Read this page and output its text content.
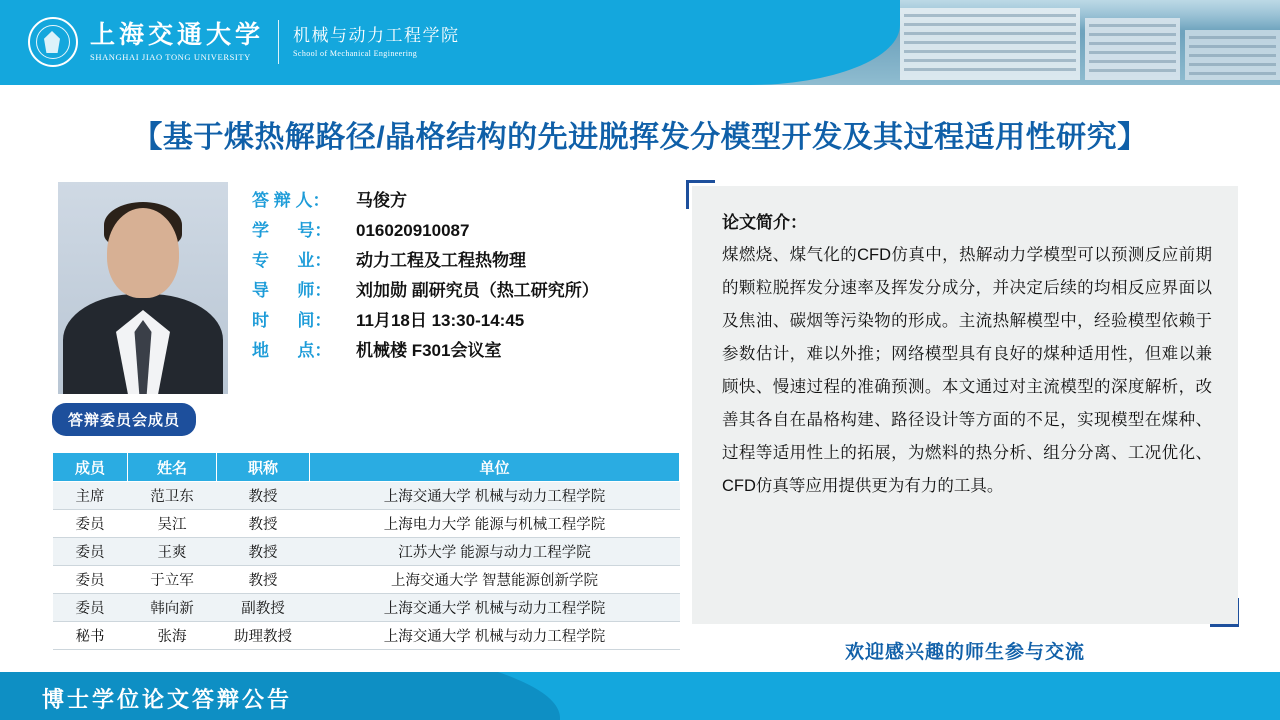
上海交通大学
SHANGHAI JIAO TONG UNIVERSITY
机械与动力工程学院
School of Mechanical Engineering
【基于煤热解路径/晶格结构的先进脱挥发分模型开发及其过程适用性研究】
答 辩 人：	马俊方
学      号：	016020910087
专      业：	动力工程及工程热物理
导      师：	刘加勋 副研究员（热工研究所）
时      间：	11月18日 13:30-14:45
地      点：	机械楼 F301会议室
答辩委员会成员
成员	姓名	职称	单位
主席	范卫东	教授	上海交通大学 机械与动力工程学院
委员	吴江	教授	上海电力大学 能源与机械工程学院
委员	王爽	教授	江苏大学 能源与动力工程学院
委员	于立军	教授	上海交通大学 智慧能源创新学院
委员	韩向新	副教授	上海交通大学 机械与动力工程学院
秘书	张海	助理教授	上海交通大学 机械与动力工程学院
论文简介：
煤燃烧、煤气化的CFD仿真中，热解动力学模型可以预测反应前期的颗粒脱挥发分速率及挥发分成分，并决定后续的均相反应界面以及焦油、碳烟等污染物的形成。主流热解模型中，经验模型依赖于参数估计，难以外推；网络模型具有良好的煤种适用性，但难以兼顾快、慢速过程的准确预测。本文通过对主流模型的深度解析，改善其各自在晶格构建、路径设计等方面的不足，实现模型在煤种、过程等适用性上的拓展，为燃料的热分析、组分分离、工况优化、CFD仿真等应用提供更为有力的工具。
欢迎感兴趣的师生参与交流
博士学位论文答辩公告
